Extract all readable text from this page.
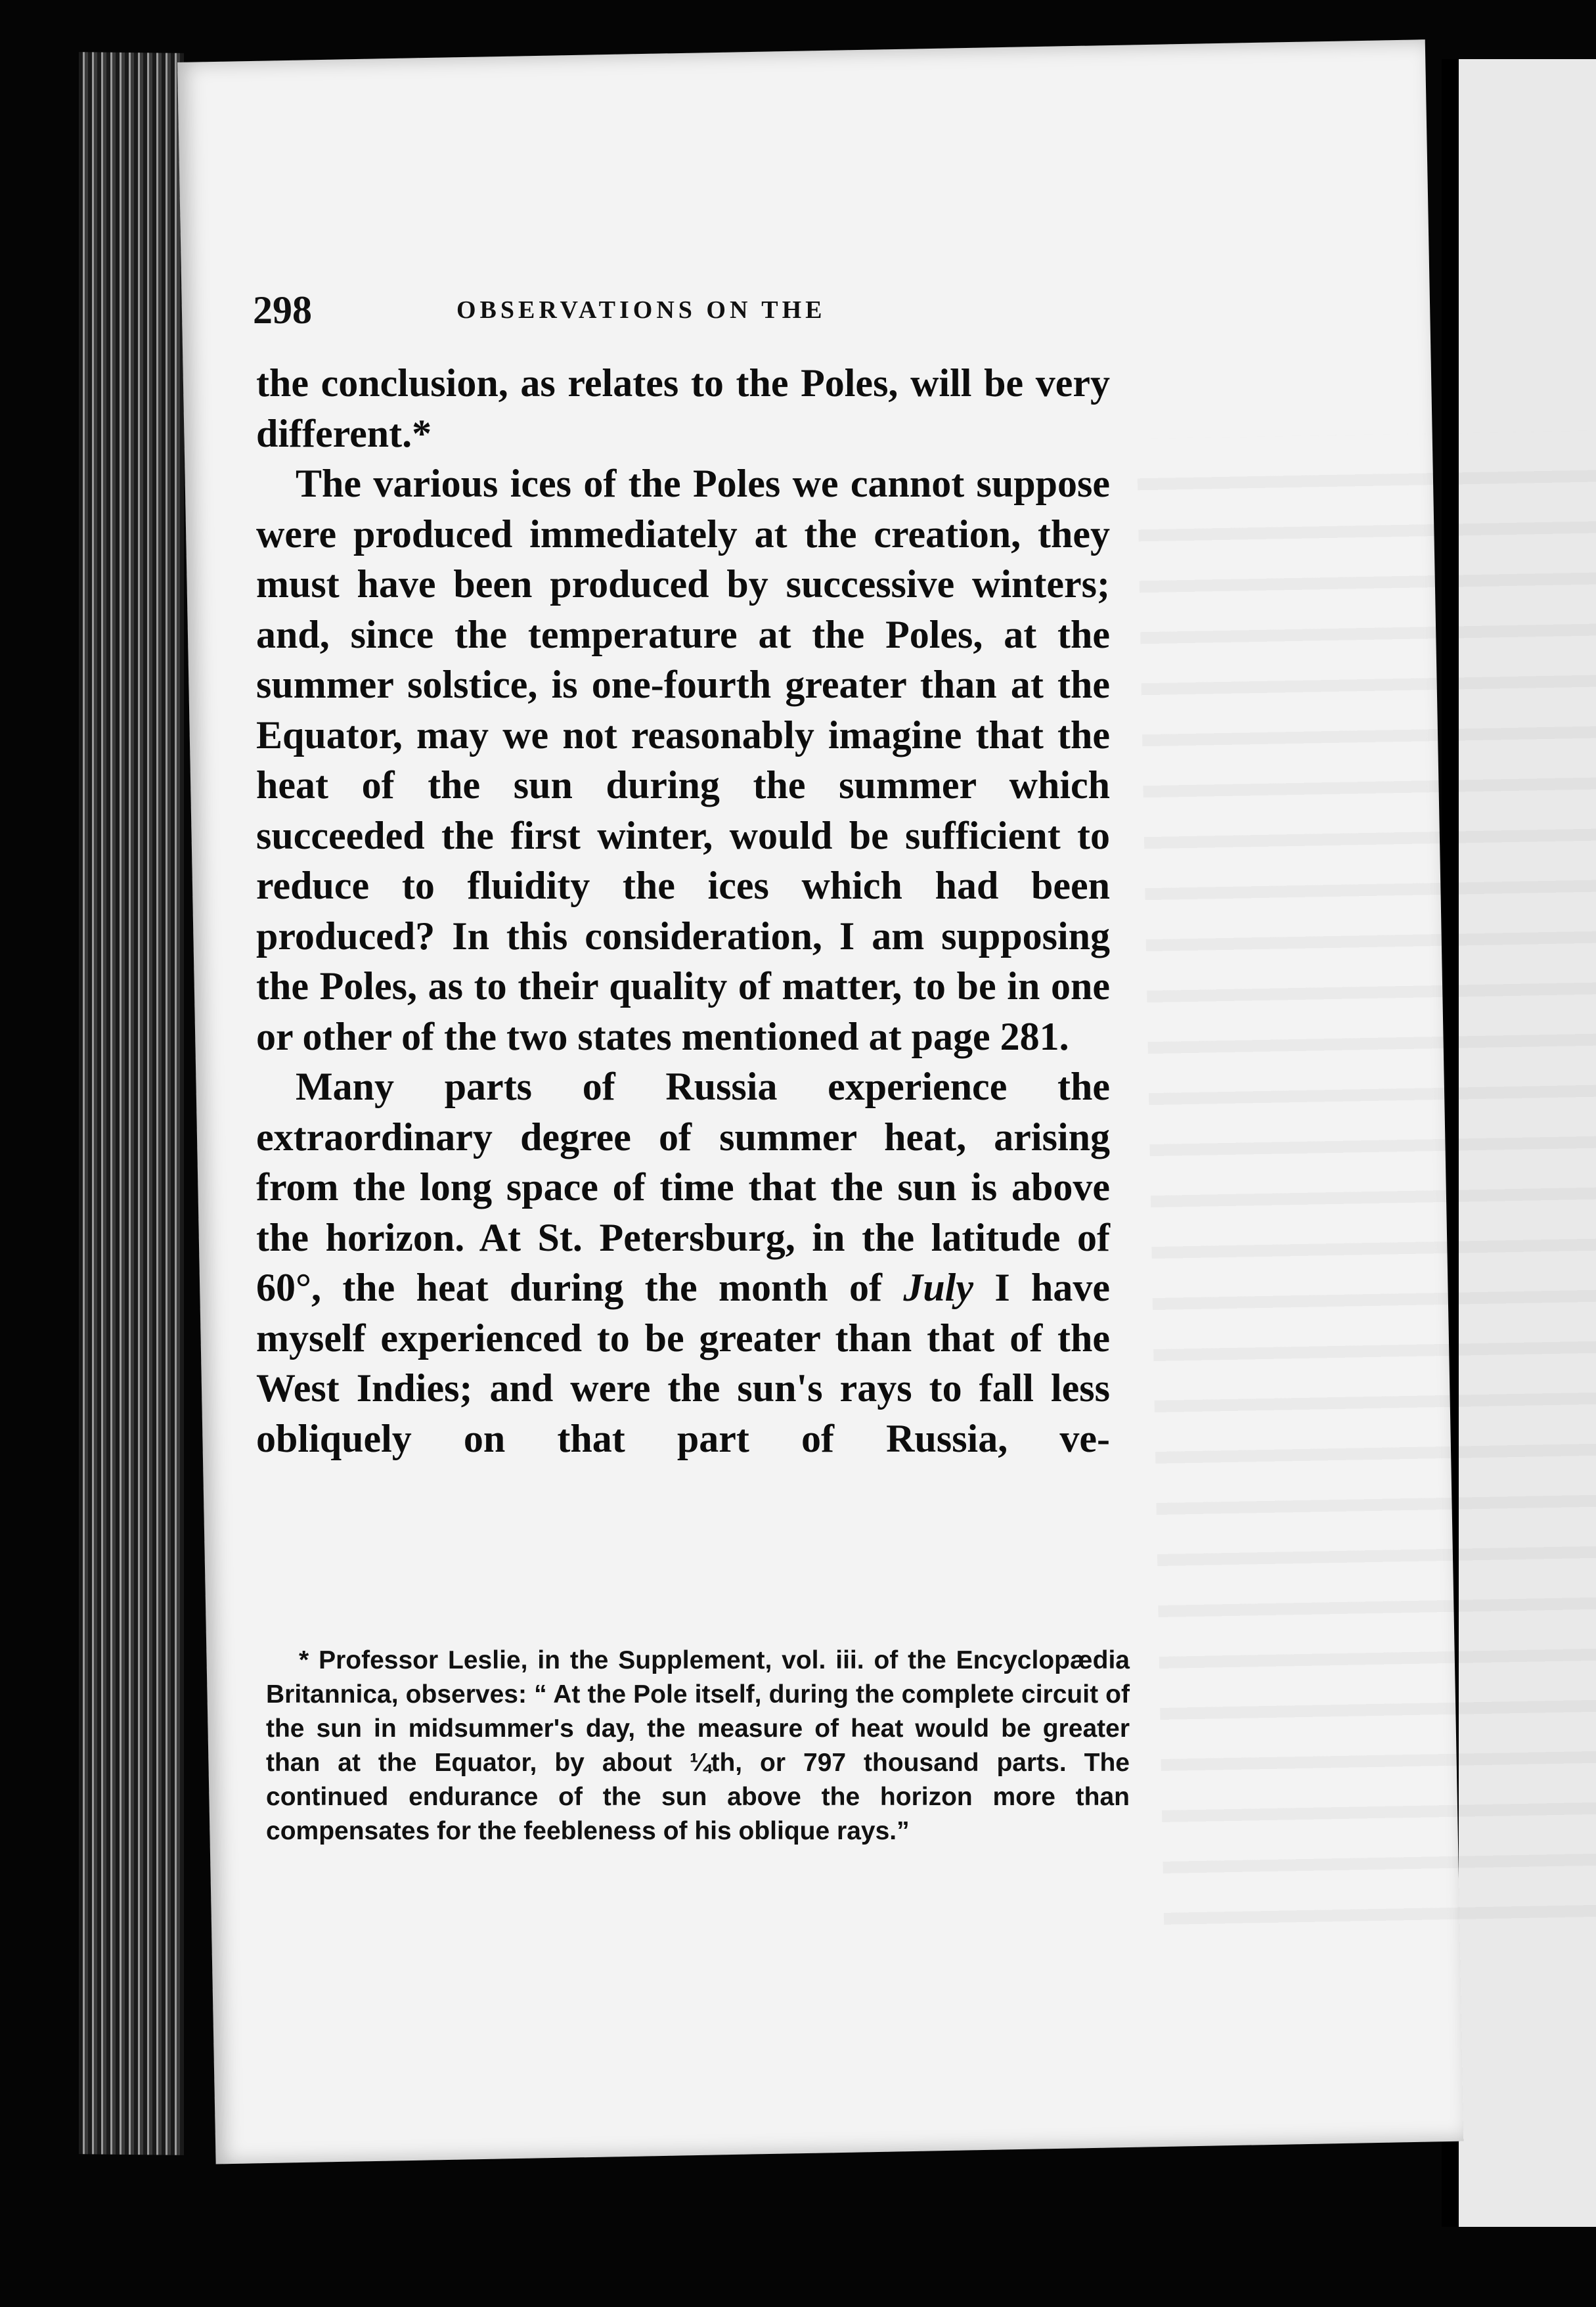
298	OBSERVATIONS ON THE

the conclusion, as relates to the Poles, will be very different.*

The various ices of the Poles we cannot suppose were produced immediately at the creation, they must have been produced by successive winters; and, since the temperature at the Poles, at the summer solstice, is one-fourth greater than at the Equator, may we not reasonably imagine that the heat of the sun during the summer which succeeded the first winter, would be sufficient to reduce to fluidity the ices which had been produced? In this consideration, I am supposing the Poles, as to their quality of matter, to be in one or other of the two states mentioned at page 281.

Many parts of Russia experience the extraordinary degree of summer heat, arising from the long space of time that the sun is above the horizon. At St. Petersburg, in the latitude of 60°, the heat during the month of July I have myself experienced to be greater than that of the West Indies; and were the sun's rays to fall less obliquely on that part of Russia, ve-

* Professor Leslie, in the Supplement, vol. iii. of the Encyclopædia Britannica, observes: “ At the Pole itself, during the complete circuit of the sun in midsummer's day, the measure of heat would be greater than at the Equator, by about ¼th, or 797 thousand parts. The continued endurance of the sun above the horizon more than compensates for the feebleness of his oblique rays.”
